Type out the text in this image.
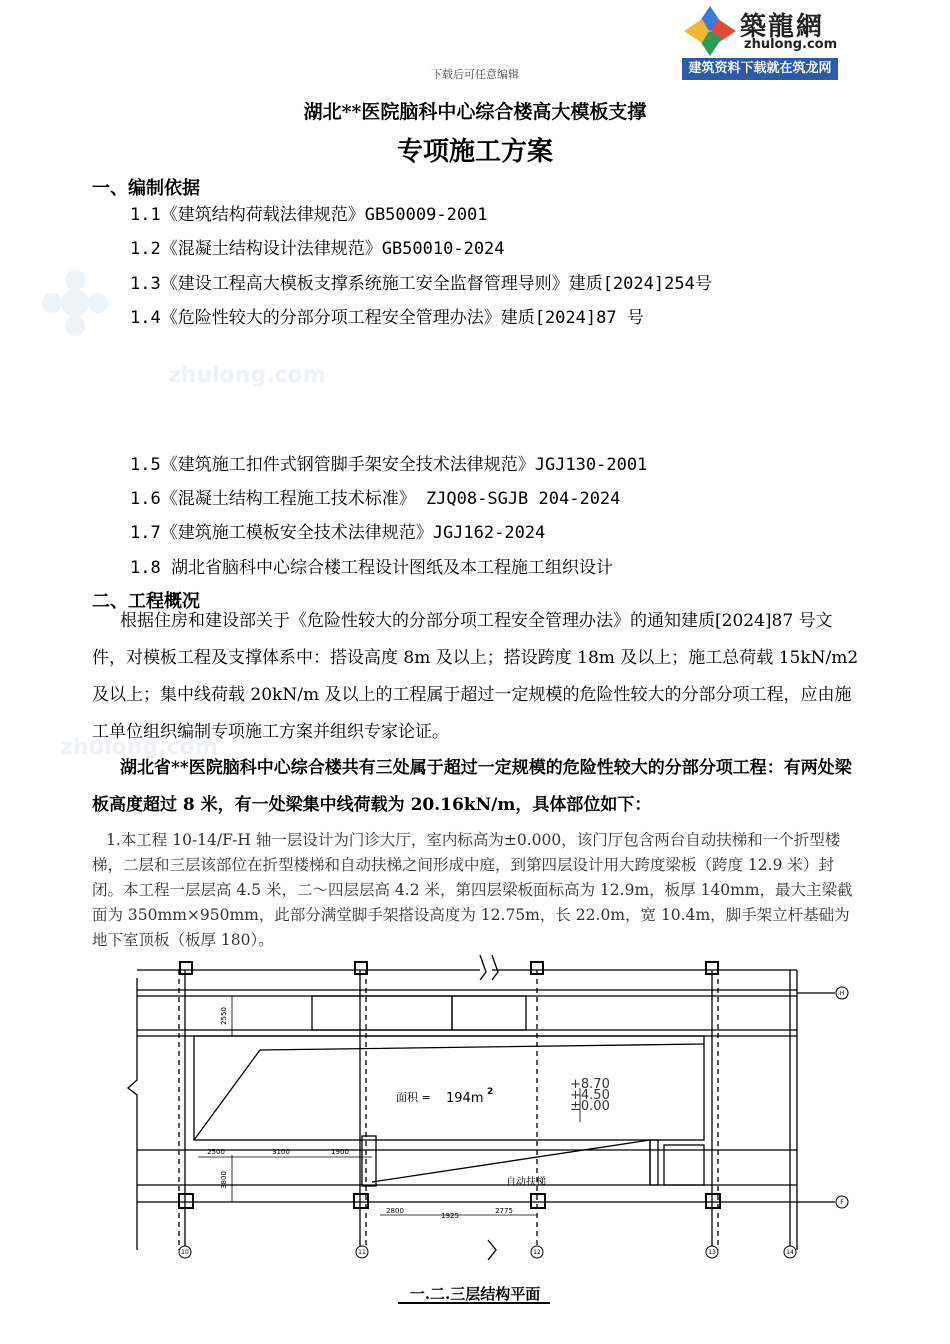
zhulong.com
zhulong.com
下载后可任意编辑
築龍網
zhulong.com
建筑资料下载就在筑龙网
湖北**医院脑科中心综合楼高大模板支撑
专项施工方案
一、编制依据
1.1《建筑结构荷载法律规范》GB50009-2001
1.2《混凝土结构设计法律规范》GB50010-2024
1.3《建设工程高大模板支撑系统施工安全监督管理导则》建质[2024]254号
1.4《危险性较大的分部分项工程安全管理办法》建质[2024]87 号
1.5《建筑施工扣件式钢管脚手架安全技术法律规范》JGJ130-2001
1.6《混凝土结构工程施工技术标准》 ZJQ08-SGJB 204-2024
1.7《建筑施工模板安全技术法律规范》JGJ162-2024
1.8 湖北省脑科中心综合楼工程设计图纸及本工程施工组织设计
二、工程概况
根据住房和建设部关于《危险性较大的分部分项工程安全管理办法》的通知建质[2024]87 号文件，对模板工程及支撑体系中：搭设高度 8m 及以上；搭设跨度 18m 及以上；施工总荷载 15kN/m2 及以上；集中线荷载 20kN/m 及以上的工程属于超过一定规模的危险性较大的分部分项工程，应由施工单位组织编制专项施工方案并组织专家论证。
湖北省**医院脑科中心综合楼共有三处属于超过一定规模的危险性较大的分部分项工程：有两处梁板高度超过 8 米，有一处梁集中线荷载为 20.16kN/m，具体部位如下：
1.本工程 10-14/F-H 轴一层设计为门诊大厅，室内标高为±0.000，该门厅包含两台自动扶梯和一个折型楼梯，二层和三层该部位在折型楼梯和自动扶梯之间形成中庭，到第四层设计用大跨度梁板（跨度 12.9 米）封闭。本工程一层层高 4.5 米，二～四层层高 4.2 米，第四层梁板面标高为 12.9m，板厚 140mm，最大主梁截面为 350mm×950mm，此部分满堂脚手架搭设高度为 12.75m，长 22.0m，宽 10.4m，脚手架立杆基础为地下室顶板（板厚 180）。
H
F
10	11	12	13	14
2550
3800
2500	3100	1900
2800
1925
2775
面积 = 194m 2	+8.70
+4.50
±0.00
自动扶梯
一.二.三层结构平面
